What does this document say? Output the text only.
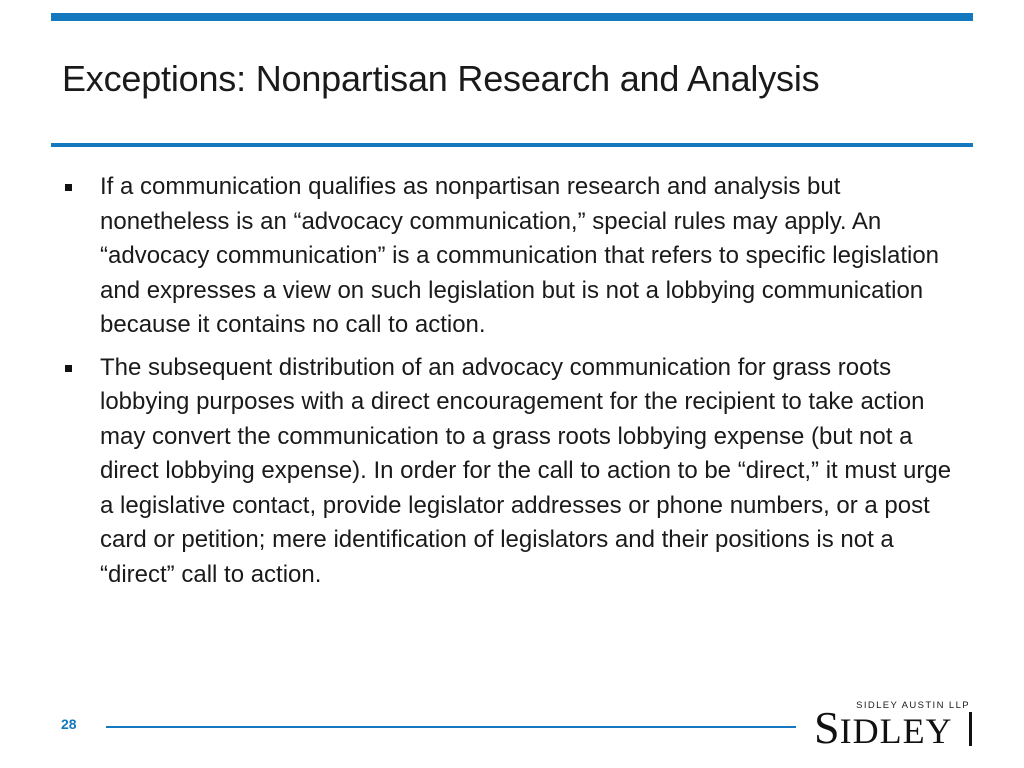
Exceptions: Nonpartisan Research and Analysis
If a communication qualifies as nonpartisan research and analysis but nonetheless is an “advocacy communication,” special rules may apply. An “advocacy communication” is a communication that refers to specific legislation and expresses a view on such legislation but is not a lobbying communication because it contains no call to action.
The subsequent distribution of an advocacy communication for grass roots lobbying purposes with a direct encouragement for the recipient to take action may convert the communication to a grass roots lobbying expense (but not a direct lobbying expense). In order for the call to action to be “direct,” it must urge a legislative contact, provide legislator addresses or phone numbers, or a post card or petition; mere identification of legislators and their positions is not a “direct” call to action.
28
SIDLEY AUSTIN LLP
SIDLEY
